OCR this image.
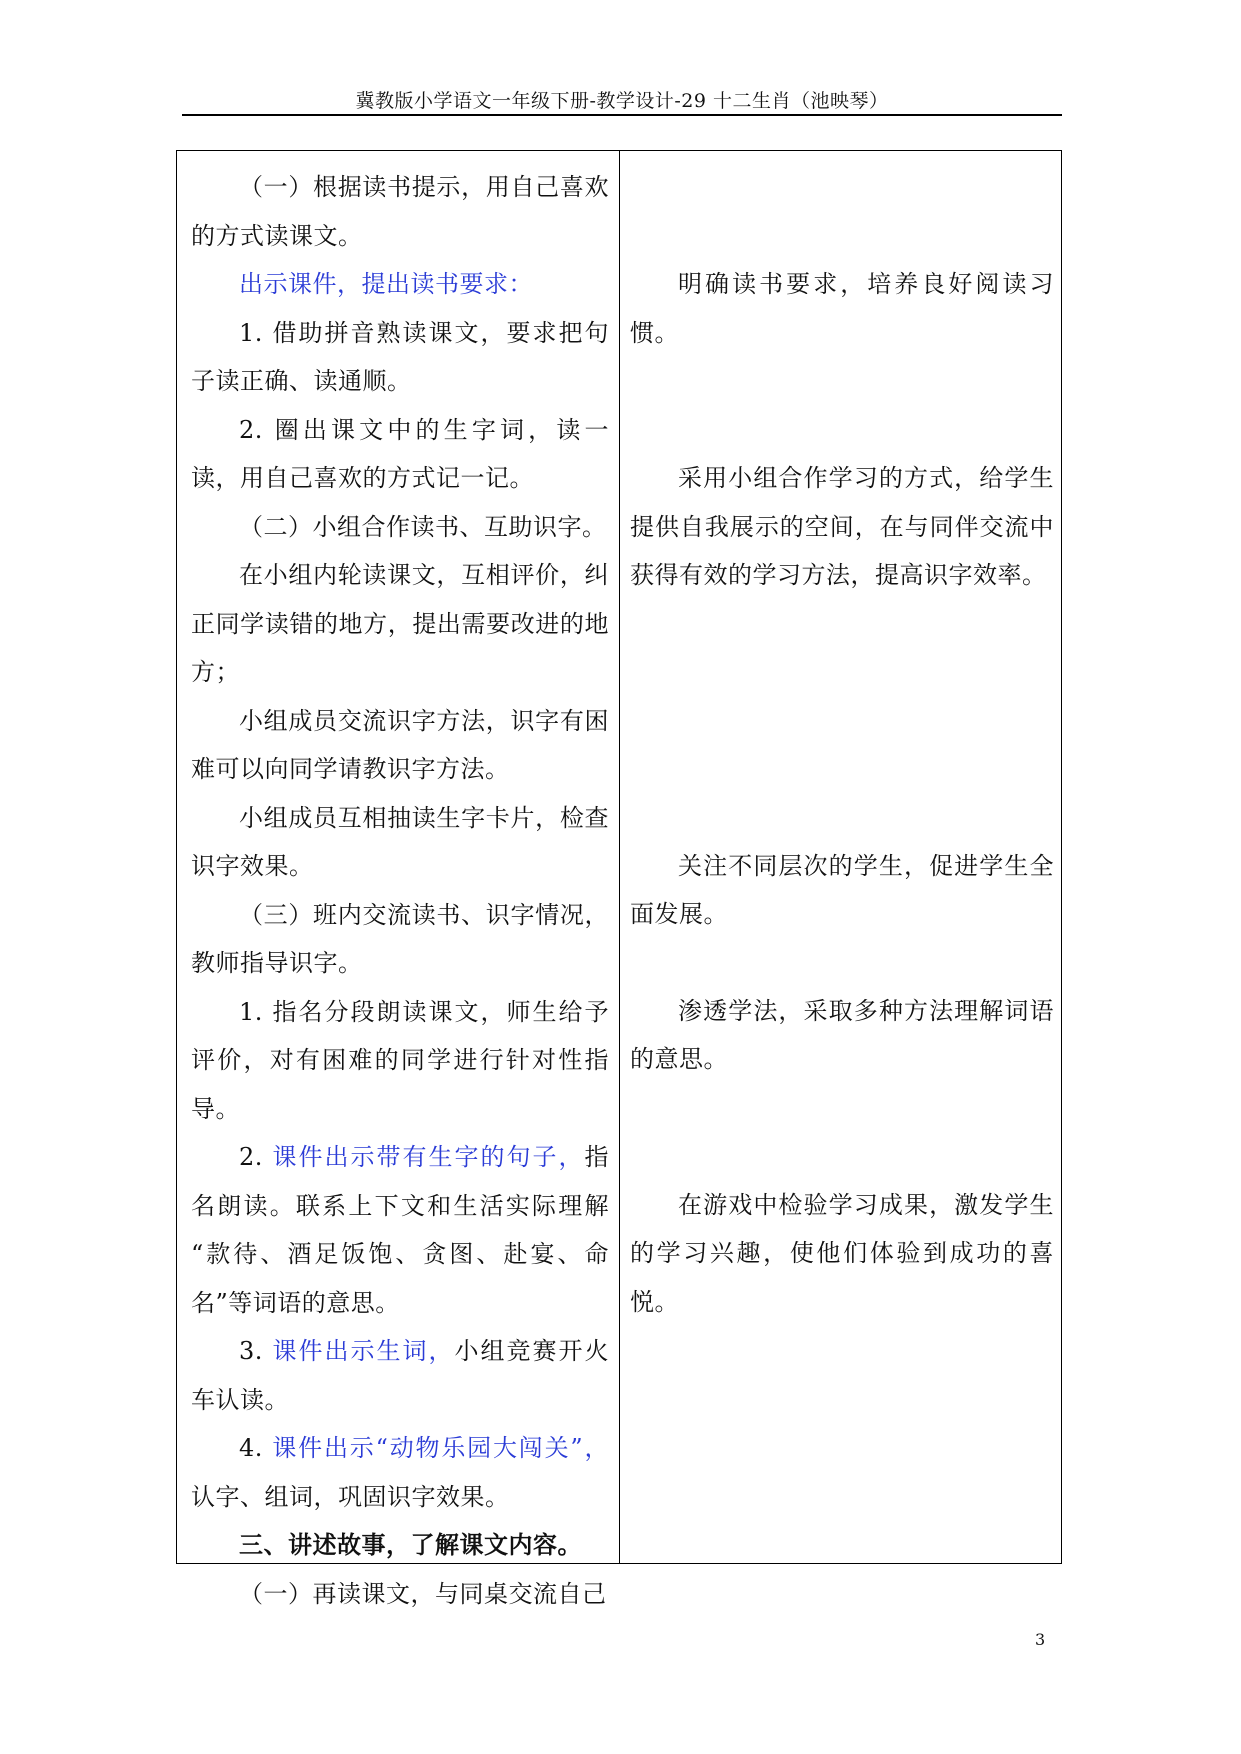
冀教版小学语文一年级下册-教学设计-29 十二生肖（池映琴）

（一）根据读书提示，用自己喜欢的方式读课文。

出示课件，提出读书要求：

1. 借助拼音熟读课文，要求把句子读正确、读通顺。

2. 圈出课文中的生字词，读一读，用自己喜欢的方式记一记。

（二）小组合作读书、互助识字。

在小组内轮读课文，互相评价，纠正同学读错的地方，提出需要改进的地方；

小组成员交流识字方法，识字有困难可以向同学请教识字方法。

小组成员互相抽读生字卡片，检查识字效果。

（三）班内交流读书、识字情况，教师指导识字。

1. 指名分段朗读课文，师生给予评价，对有困难的同学进行针对性指导。

2. 课件出示带有生字的句子，指名朗读。联系上下文和生活实际理解 “款待、酒足饭饱、贪图、赴宴、命名”等词语的意思。

3. 课件出示生词，小组竞赛开火车认读。

4. 课件出示“动物乐园大闯关”，认字、组词，巩固识字效果。

三、讲述故事，了解课文内容。

（一）再读课文，与同桌交流自己

明确读书要求，培养良好阅读习惯。

采用小组合作学习的方式，给学生提供自我展示的空间，在与同伴交流中获得有效的学习方法，提高识字效率。

关注不同层次的学生，促进学生全面发展。

渗透学法，采取多种方法理解词语的意思。

在游戏中检验学习成果，激发学生的学习兴趣，使他们体验到成功的喜悦。

3
